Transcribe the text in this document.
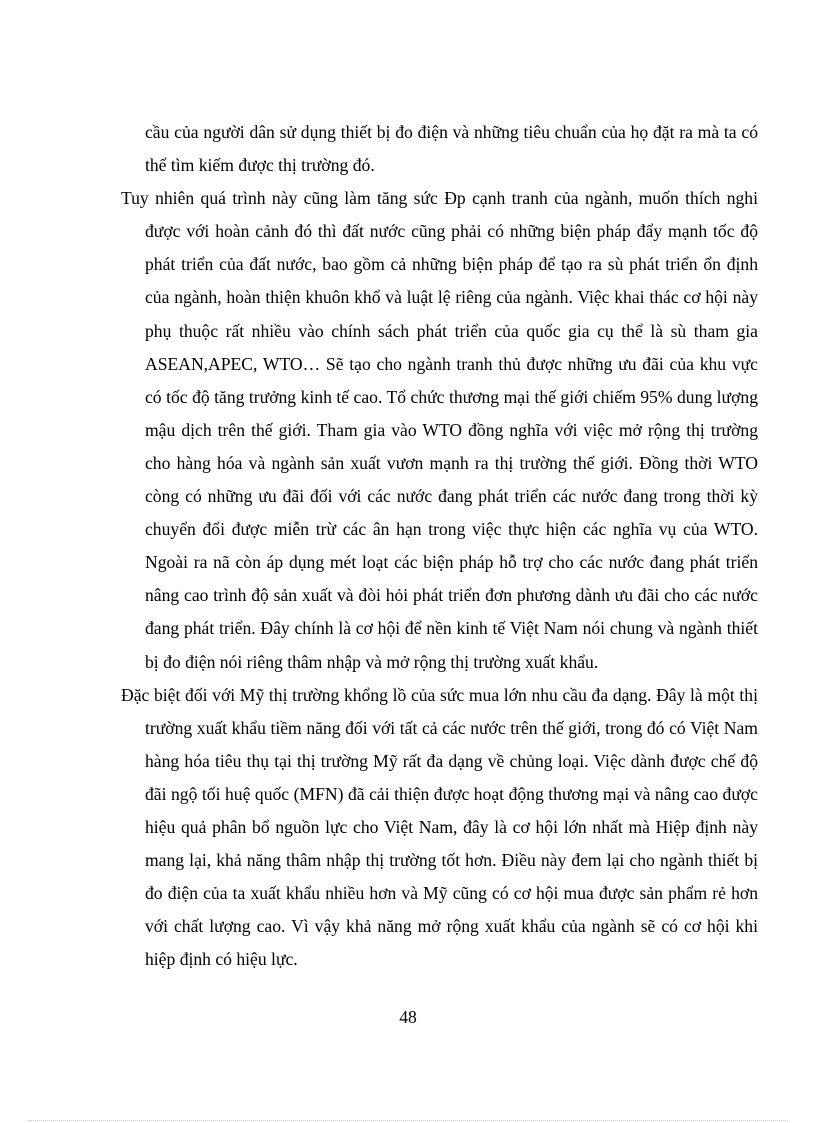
cầu của người dân sử dụng thiết bị đo điện và những tiêu chuẩn của họ đặt ra mà ta có thể tìm kiếm được thị trường đó.

Tuy nhiên quá trình này cũng làm tăng sức Ðp cạnh tranh của ngành, muốn thích nghi được với hoàn cảnh đó thì đất nước cũng phải có những biện pháp đẩy mạnh tốc độ phát triển của đất nước, bao gồm cả những biện pháp để tạo ra sù phát triển ổn định của ngành, hoàn thiện khuôn khổ và luật lệ riêng của ngành. Việc khai thác cơ hội này phụ thuộc rất nhiều vào chính sách phát triển của quốc gia cụ thể là sù tham gia ASEAN,APEC, WTO… Sẽ tạo cho ngành tranh thủ được những ưu đãi của khu vực có tốc độ tăng trưởng kinh tế cao. Tổ chức thương mại thế giới chiếm 95% dung lượng mậu dịch trên thế giới. Tham gia vào WTO đồng nghĩa với việc mở rộng thị trường cho hàng hóa và ngành sản xuất vươn mạnh ra thị trường thế giới. Đồng thời WTO còng có những ưu đãi đối với các nước đang phát triển các nước đang trong thời kỳ chuyển đổi được miễn trừ các ân hạn trong việc thực hiện các nghĩa vụ của WTO. Ngoài ra nã còn áp dụng mét loạt các biện pháp hỗ trợ cho các nước đang phát triển nâng cao trình độ sản xuất và đòi hỏi phát triển đơn phương dành ưu đãi cho các nước đang phát triển. Đây chính là cơ hội để nền kinh tế Việt Nam nói chung và ngành thiết bị đo điện nói riêng thâm nhập và mở rộng thị trường xuất khẩu.

Đặc biệt đối với Mỹ thị trường khổng lồ của sức mua lớn nhu cầu đa dạng. Đây là một thị trường xuất khẩu tiềm năng đối với tất cả các nước trên thế giới, trong đó có Việt Nam hàng hóa tiêu thụ tại thị trường Mỹ rất đa dạng về chủng loại. Việc dành được chế độ đãi ngộ tối huệ quốc (MFN) đã cải thiện được hoạt động thương mại và nâng cao được hiệu quả phân bổ nguồn lực cho Việt Nam, đây là cơ hội lớn nhất mà Hiệp định này mang lại, khả năng thâm nhập thị trường tốt hơn. Điều này đem lại cho ngành thiết bị đo điện của ta xuất khẩu nhiều hơn và Mỹ cũng có cơ hội mua được sản phẩm rẻ hơn với chất lượng cao. Vì vậy khả năng mở rộng xuất khẩu của ngành sẽ có cơ hội khi hiệp định có hiệu lực.

48
